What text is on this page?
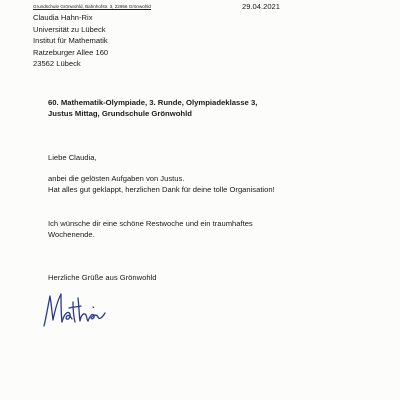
Grundschule Grönwohld, Bahnhofstr. 3, 22956 Grönwohld	29.04.2021
Claudia Hahn-Rix
Universität zu Lübeck
Institut für Mathematik
Ratzeburger Allee 160
23562 Lübeck
60. Mathematik-Olympiade, 3. Runde, Olympiadeklasse 3,
Justus Mittag, Grundschule Grönwohld
Liebe Claudia,
anbei die gelösten Aufgaben von Justus.
Hat alles gut geklappt, herzlichen Dank für deine tolle Organisation!
Ich wünsche dir eine schöne Restwoche und ein traumhaftes
Wochenende.
Herzliche Grüße aus Grönwohld
